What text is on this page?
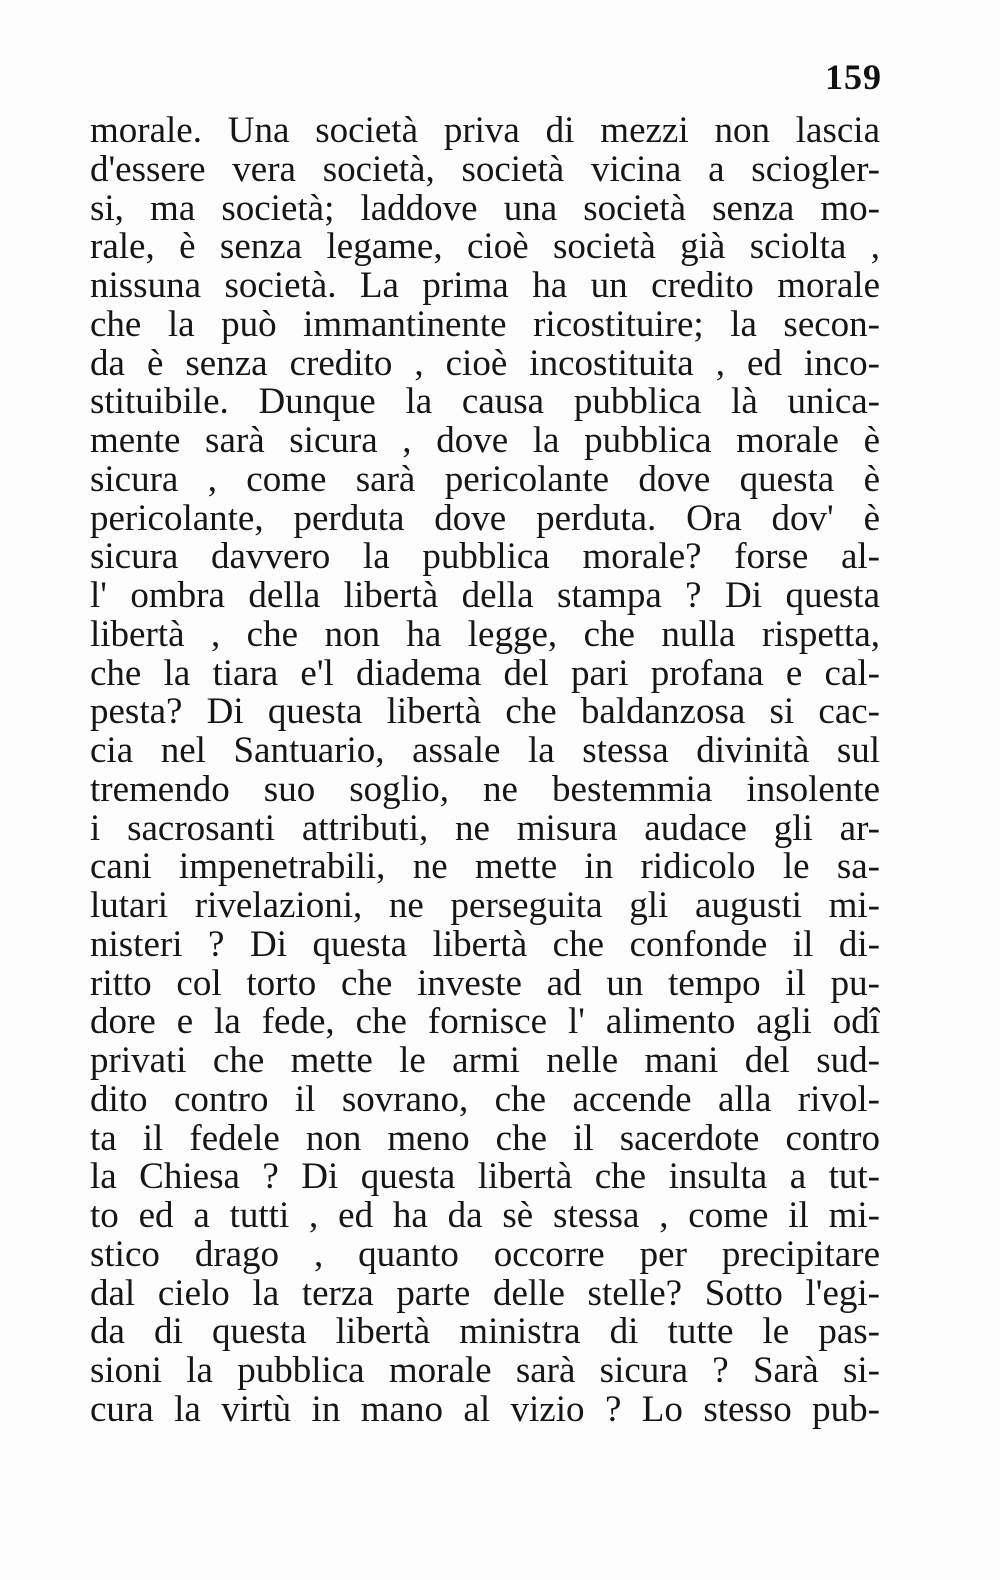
159
morale. Una società priva di mezzi non lascia
d'essere vera società, società vicina a sciogler-
si, ma società; laddove una società senza mo-
rale, è senza legame, cioè società già sciolta ,
nissuna società. La prima ha un credito morale
che la può immantinente ricostituire; la secon-
da è senza credito , cioè incostituita , ed inco-
stituibile. Dunque la causa pubblica là unica-
mente sarà sicura , dove la pubblica morale è
sicura , come sarà pericolante dove questa è
pericolante, perduta dove perduta. Ora dov' è
sicura davvero la pubblica morale? forse al-
l' ombra della libertà della stampa ? Di questa
libertà , che non ha legge, che nulla rispetta,
che la tiara e'l diadema del pari profana e cal-
pesta? Di questa libertà che baldanzosa si cac-
cia nel Santuario, assale la stessa divinità sul
tremendo suo soglio, ne bestemmia insolente
i sacrosanti attributi, ne misura audace gli ar-
cani impenetrabili, ne mette in ridicolo le sa-
lutari rivelazioni, ne perseguita gli augusti mi-
nisteri ? Di questa libertà che confonde il di-
ritto col torto che investe ad un tempo il pu-
dore e la fede, che fornisce l' alimento agli odî
privati che mette le armi nelle mani del sud-
dito contro il sovrano, che accende alla rivol-
ta il fedele non meno che il sacerdote contro
la Chiesa ? Di questa libertà che insulta a tut-
to ed a tutti , ed ha da sè stessa , come il mi-
stico drago , quanto occorre per precipitare
dal cielo la terza parte delle stelle? Sotto l'egi-
da di questa libertà ministra di tutte le pas-
sioni la pubblica morale sarà sicura ? Sarà si-
cura la virtù in mano al vizio ? Lo stesso pub-
